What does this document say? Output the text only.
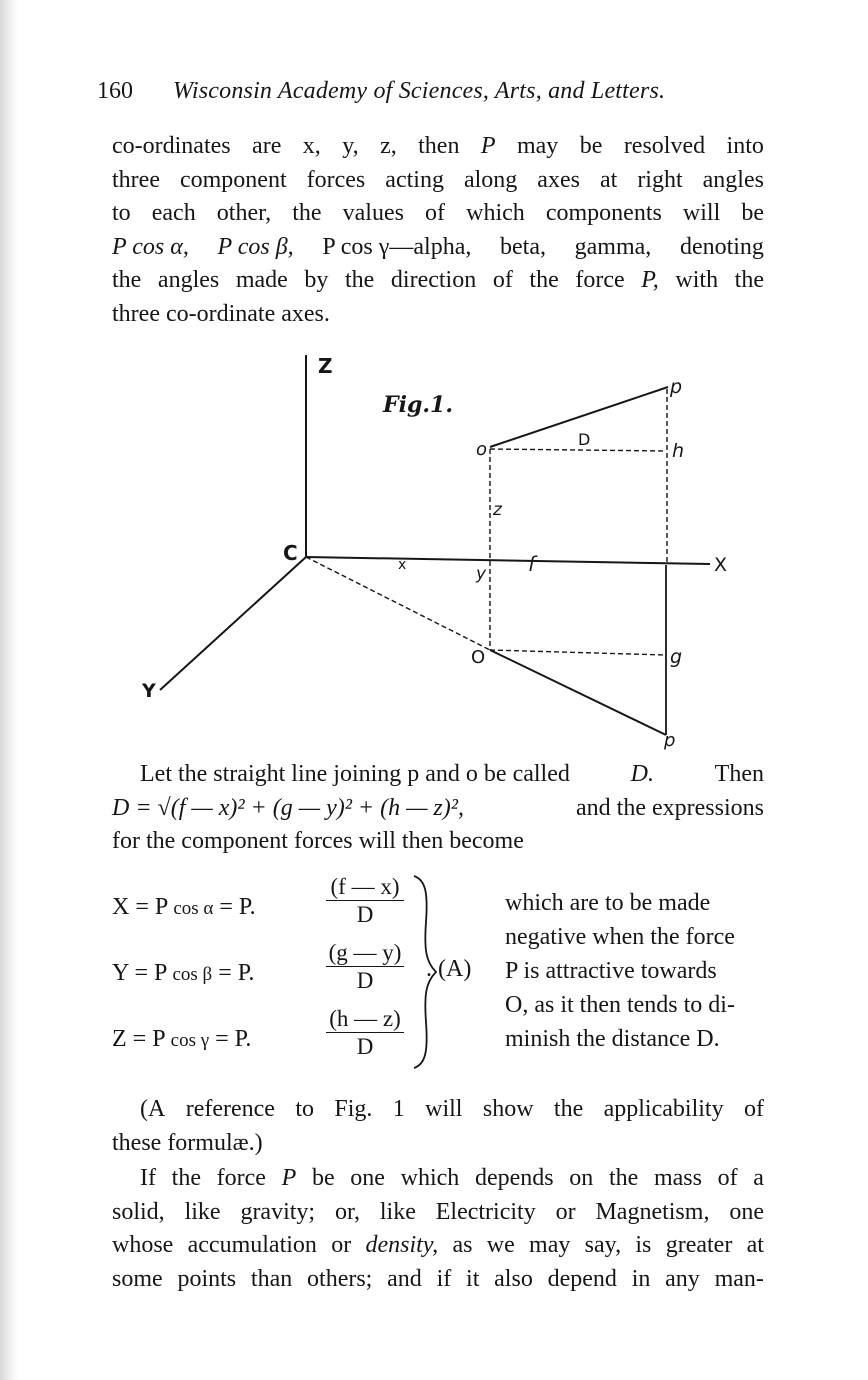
160 Wisconsin Academy of Sciences, Arts, and Letters.
co-ordinates are x, y, z, then P may be resolved into
three component forces acting along axes at right angles
to each other, the values of which components will be
P cos α, P cos β, P cos γ—alpha, beta, gamma, denoting
the angles made by the direction of the force P, with the
three co-ordinate axes.
Z
Fig.1.
p
o	D
h
z
C	x	y f	X
O	g
Y
p
Let the straight line joining p and o be called	D.	Then
D = √(f — x)² + (g — y)² + (h — z)²,	and the expressions
for the component forces will then become
X = P cos α = P.	$\frac{(f — x)}{D}$
Y = P cos β = P.	$\frac{(g — y)}{D}$
Z = P cos γ = P.	$\frac{(h — z)}{D}$
. (A)
which are to be made
negative when the force
P is attractive towards
O, as it then tends to di-
minish the distance D.
(A reference to Fig. 1 will show the applicability of
these formulæ.)
If the force P be one which depends on the mass of a
solid, like gravity; or, like Electricity or Magnetism, one
whose accumulation or density, as we may say, is greater at
some points than others; and if it also depend in any man-
